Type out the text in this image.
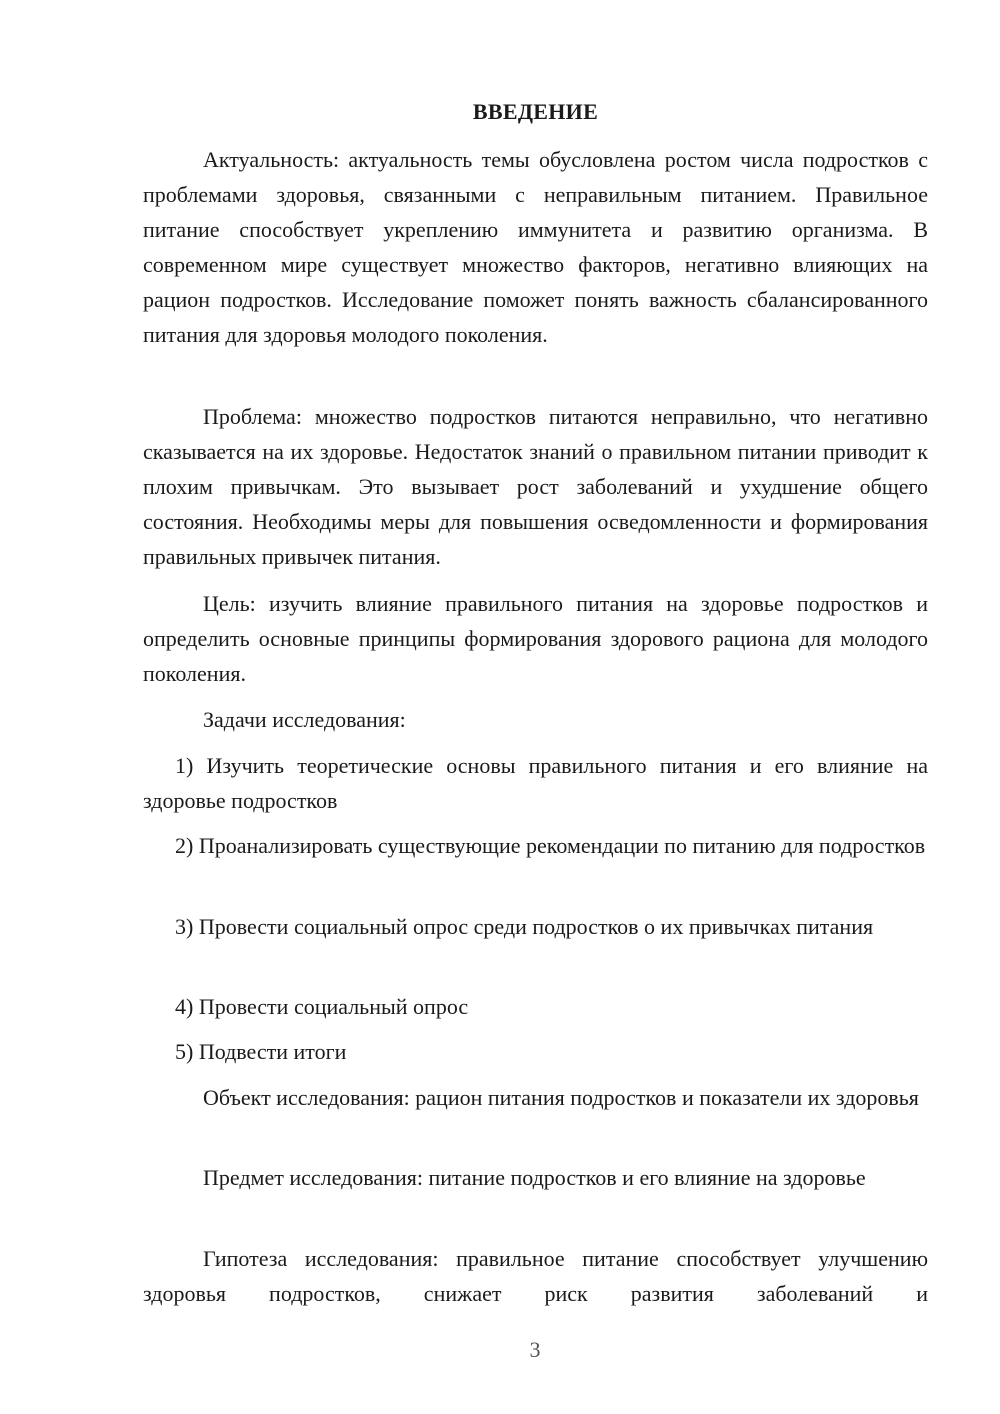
ВВЕДЕНИЕ

Актуальность: актуальность темы обусловлена ростом числа подростков с проблемами здоровья, связанными с неправильным питанием. Правильное питание способствует укреплению иммунитета и развитию организма. В современном мире существует множество факторов, негативно влияющих на рацион подростков. Исследование поможет понять важность сбалансированного питания для здоровья молодого поколения.

Проблема: множество подростков питаются неправильно, что негативно сказывается на их здоровье. Недостаток знаний о правильном питании приводит к плохим привычкам. Это вызывает рост заболеваний и ухудшение общего состояния. Необходимы меры для повышения осведомленности и формирования правильных привычек питания.

Цель: изучить влияние правильного питания на здоровье подростков и определить основные принципы формирования здорового рациона для молодого поколения.

Задачи исследования:

1) Изучить теоретические основы правильного питания и его влияние на здоровье подростков

2) Проанализировать существующие рекомендации по питанию для подростков

3) Провести социальный опрос среди подростков о их привычках питания

4) Провести социальный опрос

5) Подвести итоги

Объект исследования: рацион питания подростков и показатели их здоровья

Предмет исследования: питание подростков и его влияние на здоровье

Гипотеза исследования: правильное питание способствует улучшению здоровья подростков, снижает риск развития заболеваний и

3
